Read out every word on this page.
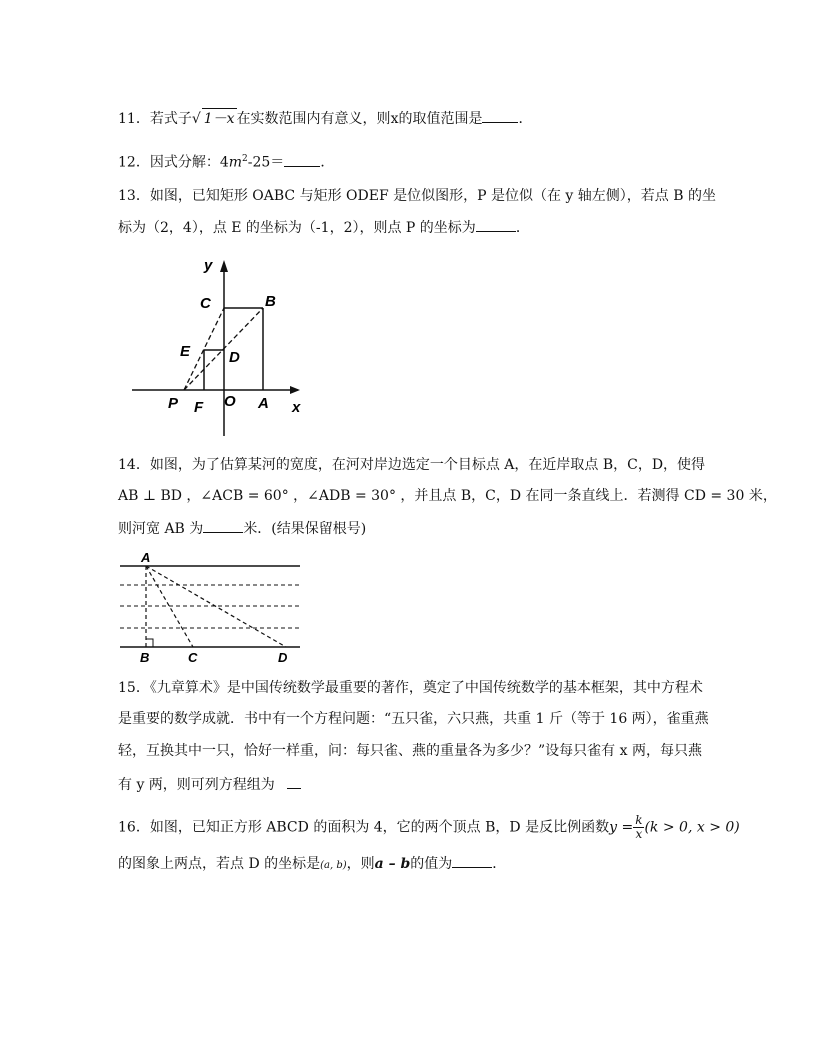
11．若式子√ 1－x 在实数范围内有意义，则x的取值范围是	．
12．因式分解：$4m^2-25=$	．
13．如图，已知矩形 OABC 与矩形 ODEF 是位似图形，P 是位似（在 y 轴左侧），若点 B 的坐
标为（2，4），点 E 的坐标为（-1，2），则点 P 的坐标为	．
y
x
C	B
E	D
P F O A
14．如图，为了估算某河的宽度，在河对岸边选定一个目标点 A，在近岸取点 B，C，D，使得
AB ⊥ BD ，∠ACB = 60° ，∠ADB = 30° ，并且点 B，C，D 在同一条直线上．若测得 CD = 30 米，
则河宽 AB 为	米．(结果保留根号)
A
B	C	D
15．《九章算术》是中国传统数学最重要的著作，奠定了中国传统数学的基本框架，其中方程术
是重要的数学成就．书中有一个方程问题：“五只雀，六只燕，共重 1 斤（等于 16 两），雀重燕
轻，互换其中一只，恰好一样重，问：每只雀、燕的重量各为多少？”设每只雀有 x 两，每只燕
有 y 两，则可列方程组为
16．如图，已知正方形 ABCD 的面积为 4，它的两个顶点 B，D 是反比例函数$y = \frac{k}{x} (k > 0$, x > 0)
的图象上两点，若点 D 的坐标是(a, b)，则a – b的值为	．
